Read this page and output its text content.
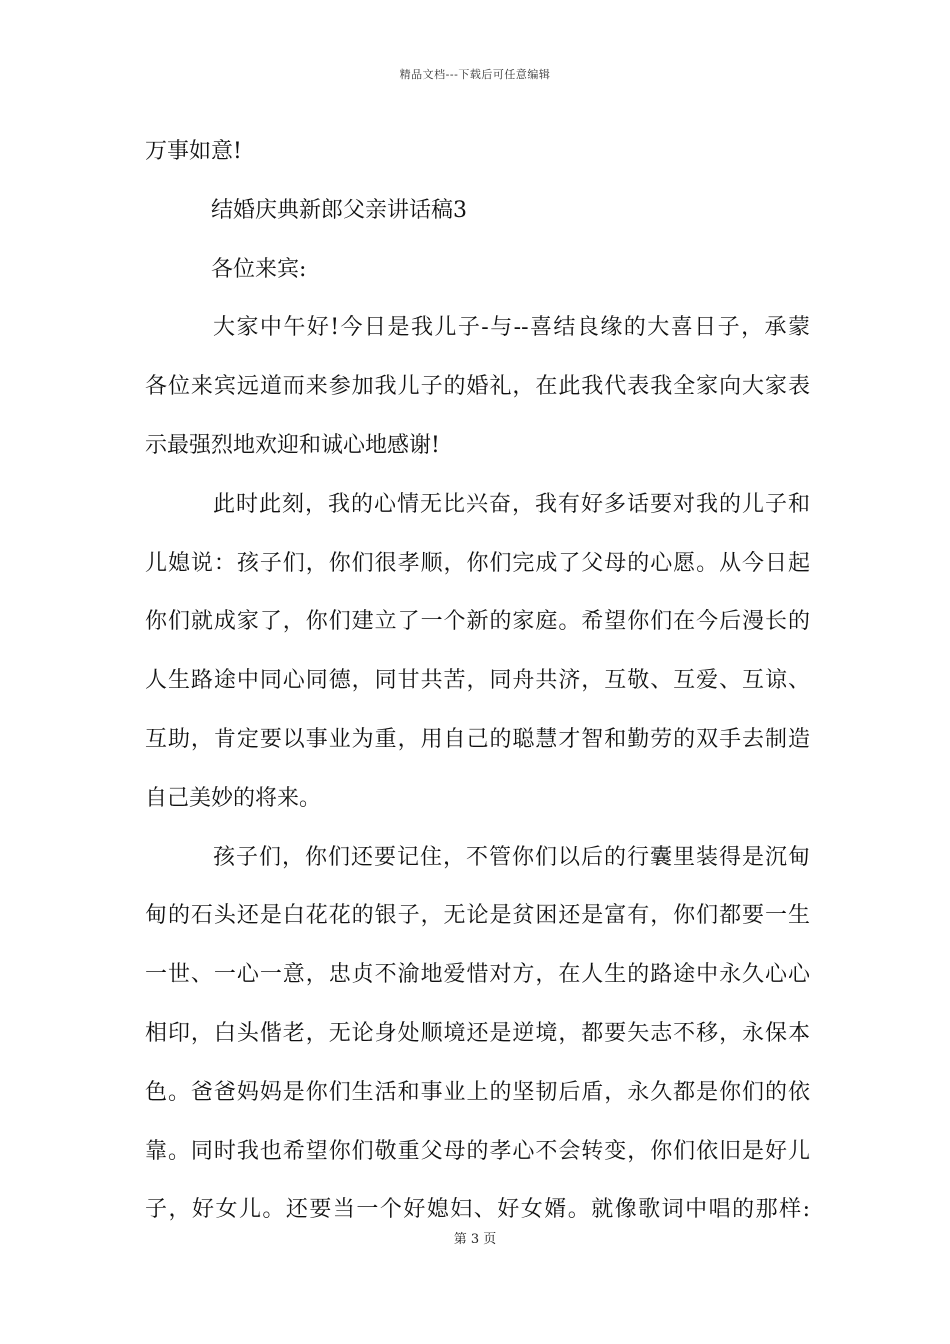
精品文档---下载后可任意编辑
万事如意!
结婚庆典新郎父亲讲话稿3
各位来宾:
大家中午好!今日是我儿子-与--喜结良缘的大喜日子，承蒙
各位来宾远道而来参加我儿子的婚礼，在此我代表我全家向大家表
示最强烈地欢迎和诚心地感谢!
此时此刻，我的心情无比兴奋，我有好多话要对我的儿子和
儿媳说：孩子们，你们很孝顺，你们完成了父母的心愿。从今日起
你们就成家了，你们建立了一个新的家庭。希望你们在今后漫长的
人生路途中同心同德，同甘共苦，同舟共济，互敬、互爱、互谅、
互助，肯定要以事业为重，用自己的聪慧才智和勤劳的双手去制造
自己美妙的将来。
孩子们，你们还要记住，不管你们以后的行囊里装得是沉甸
甸的石头还是白花花的银子，无论是贫困还是富有，你们都要一生
一世、一心一意，忠贞不渝地爱惜对方，在人生的路途中永久心心
相印，白头偕老，无论身处顺境还是逆境，都要矢志不移，永保本
色。爸爸妈妈是你们生活和事业上的坚韧后盾，永久都是你们的依
靠。同时我也希望你们敬重父母的孝心不会转变，你们依旧是好儿
子，好女儿。还要当一个好媳妇、好女婿。就像歌词中唱的那样:
第 3 页
